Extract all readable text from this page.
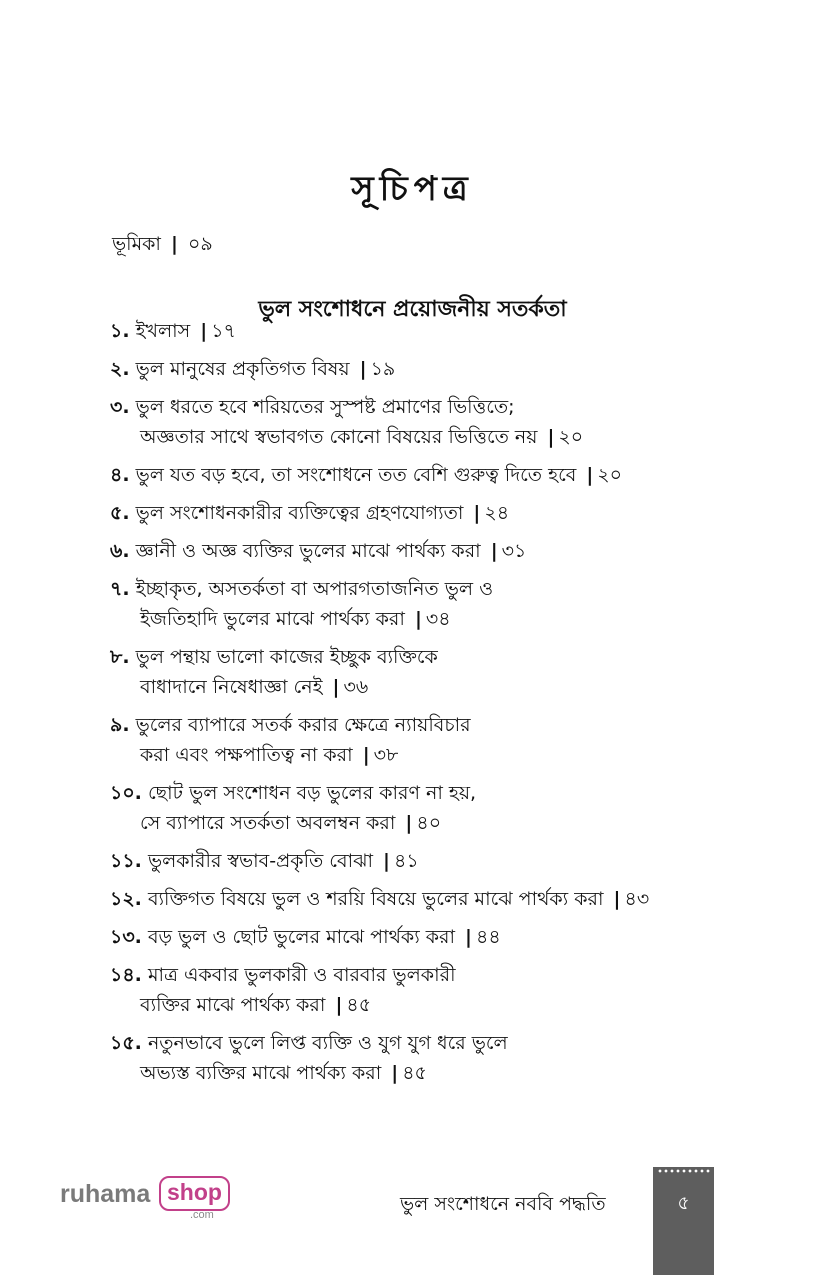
সূচিপত্র
ভূমিকা | ০৯
ভুল সংশোধনে প্রয়োজনীয় সতর্কতা
১. ইখলাস | ১৭
২. ভুল মানুষের প্রকৃতিগত বিষয় | ১৯
৩. ভুল ধরতে হবে শরিয়তের সুস্পষ্ট প্রমাণের ভিত্তিতে;
অজ্ঞতার সাথে স্বভাবগত কোনো বিষয়ের ভিত্তিতে নয় | ২০
৪. ভুল যত বড় হবে, তা সংশোধনে তত বেশি গুরুত্ব দিতে হবে | ২০
৫. ভুল সংশোধনকারীর ব্যক্তিত্বের গ্রহণযোগ্যতা | ২৪
৬. জ্ঞানী ও অজ্ঞ ব্যক্তির ভুলের মাঝে পার্থক্য করা | ৩১
৭. ইচ্ছাকৃত, অসতর্কতা বা অপারগতাজনিত ভুল ও
ইজতিহাদি ভুলের মাঝে পার্থক্য করা | ৩৪
৮. ভুল পন্থায় ভালো কাজের ইচ্ছুক ব্যক্তিকে
বাধাদানে নিষেধাজ্ঞা নেই | ৩৬
৯. ভুলের ব্যাপারে সতর্ক করার ক্ষেত্রে ন্যায়বিচার
করা এবং পক্ষপাতিত্ব না করা | ৩৮
১০. ছোট ভুল সংশোধন বড় ভুলের কারণ না হয়,
সে ব্যাপারে সতর্কতা অবলম্বন করা | ৪০
১১. ভুলকারীর স্বভাব-প্রকৃতি বোঝা | ৪১
১২. ব্যক্তিগত বিষয়ে ভুল ও শরয়ি বিষয়ে ভুলের মাঝে পার্থক্য করা | ৪৩
১৩. বড় ভুল ও ছোট ভুলের মাঝে পার্থক্য করা | ৪৪
১৪. মাত্র একবার ভুলকারী ও বারবার ভুলকারী
ব্যক্তির মাঝে পার্থক্য করা | ৪৫
১৫. নতুনভাবে ভুলে লিপ্ত ব্যক্তি ও যুগ যুগ ধরে ভুলে
অভ্যস্ত ব্যক্তির মাঝে পার্থক্য করা | ৪৫
ruhama shop
.com	ভুল সংশোধনে নববি পদ্ধতি	৫
